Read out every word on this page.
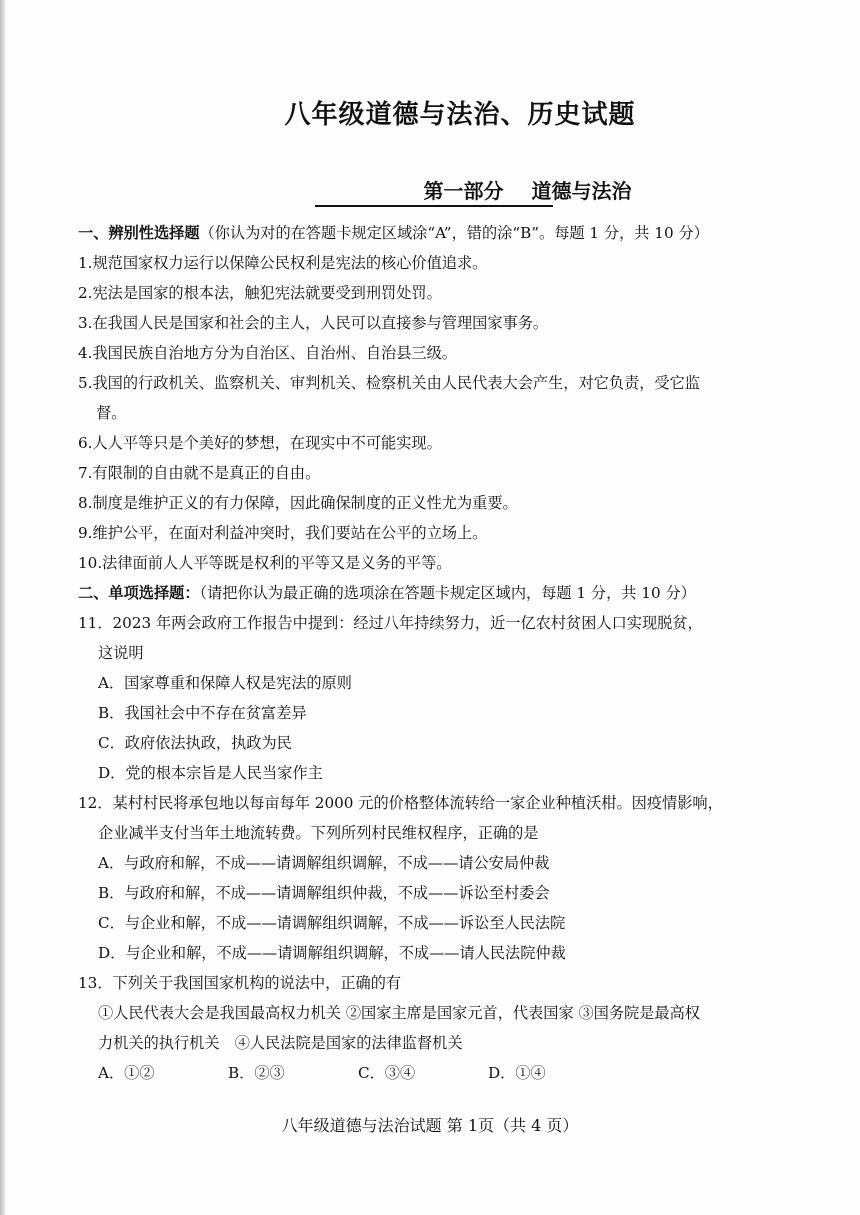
八年级道德与法治、历史试题
第一部分 道德与法治
一、辨别性选择题（你认为对的在答题卡规定区域涂“A”，错的涂“B”。每题 1 分，共 10 分）
1.规范国家权力运行以保障公民权利是宪法的核心价值追求。
2.宪法是国家的根本法，触犯宪法就要受到刑罚处罚。
3.在我国人民是国家和社会的主人，人民可以直接参与管理国家事务。
4.我国民族自治地方分为自治区、自治州、自治县三级。
5.我国的行政机关、监察机关、审判机关、检察机关由人民代表大会产生，对它负责，受它监
督。
6.人人平等只是个美好的梦想，在现实中不可能实现。
7.有限制的自由就不是真正的自由。
8.制度是维护正义的有力保障，因此确保制度的正义性尤为重要。
9.维护公平，在面对利益冲突时，我们要站在公平的立场上。
10.法律面前人人平等既是权利的平等又是义务的平等。
二、单项选择题：（请把你认为最正确的选项涂在答题卡规定区域内，每题 1 分，共 10 分）
11．2023 年两会政府工作报告中提到：经过八年持续努力，近一亿农村贫困人口实现脱贫，
这说明
A．国家尊重和保障人权是宪法的原则
B．我国社会中不存在贫富差异
C．政府依法执政，执政为民
D．党的根本宗旨是人民当家作主
12．某村村民将承包地以每亩每年 2000 元的价格整体流转给一家企业种植沃柑。因疫情影响，
企业减半支付当年土地流转费。下列所列村民维权程序，正确的是
A．与政府和解，不成——请调解组织调解，不成——请公安局仲裁
B．与政府和解，不成——请调解组织仲裁，不成——诉讼至村委会
C．与企业和解，不成——请调解组织调解，不成——诉讼至人民法院
D．与企业和解，不成——请调解组织调解，不成——请人民法院仲裁
13．下列关于我国国家机构的说法中，正确的有
①人民代表大会是我国最高权力机关 ②国家主席是国家元首，代表国家 ③国务院是最高权
力机关的执行机关　④人民法院是国家的法律监督机关
A．①②	B．②③	C．③④	D．①④
八年级道德与法治试题 第 1页（共 4 页）
